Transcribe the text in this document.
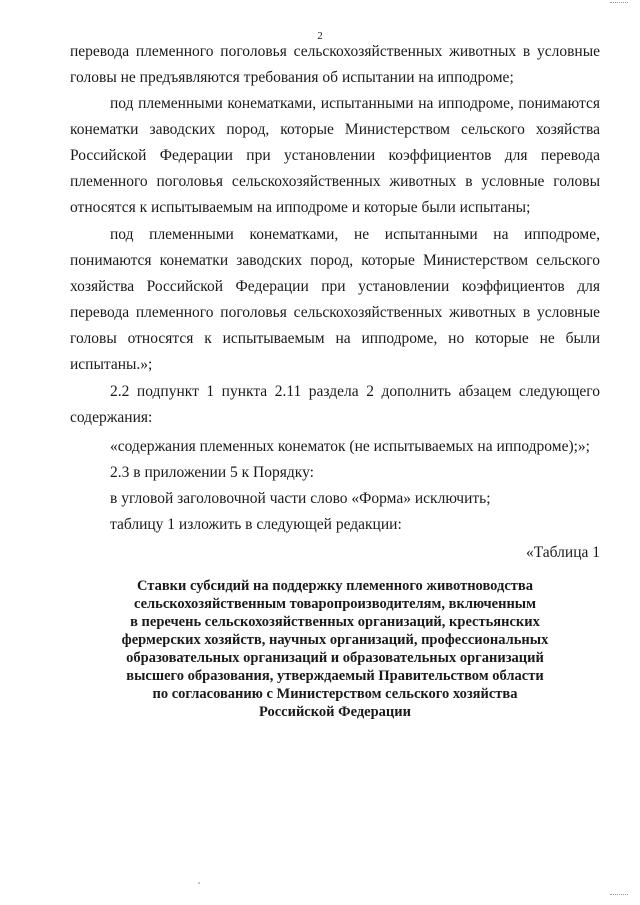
2
перевода племенного поголовья сельскохозяйственных животных в условные
головы не предъявляются требования об испытании на ипподроме;
под племенными конематками, испытанными на ипподроме, понимаются
конематки заводских пород, которые Министерством сельского хозяйства
Российской Федерации при установлении коэффициентов для перевода
племенного поголовья сельскохозяйственных животных в условные головы
относятся к испытываемым на ипподроме и которые были испытаны;
под племенными конематками, не испытанными на ипподроме,
понимаются конематки заводских пород, которые Министерством сельского
хозяйства Российской Федерации при установлении коэффициентов для
перевода племенного поголовья сельскохозяйственных животных в условные
головы относятся к испытываемым на ипподроме, но которые не были
испытаны.»;
2.2 подпункт 1 пункта 2.11 раздела 2 дополнить абзацем следующего
содержания:
«содержания племенных конематок (не испытываемых на ипподроме);»;
2.3 в приложении 5 к Порядку:
в угловой заголовочной части слово «Форма» исключить;
таблицу 1 изложить в следующей редакции:
«Таблица 1
Ставки субсидий на поддержку племенного животноводства
сельскохозяйственным товаропроизводителям, включенным
в перечень сельскохозяйственных организаций, крестьянских
фермерских хозяйств, научных организаций, профессиональных
образовательных организаций и образовательных организаций
высшего образования, утверждаемый Правительством области
по согласованию с Министерством сельского хозяйства
Российской Федерации
